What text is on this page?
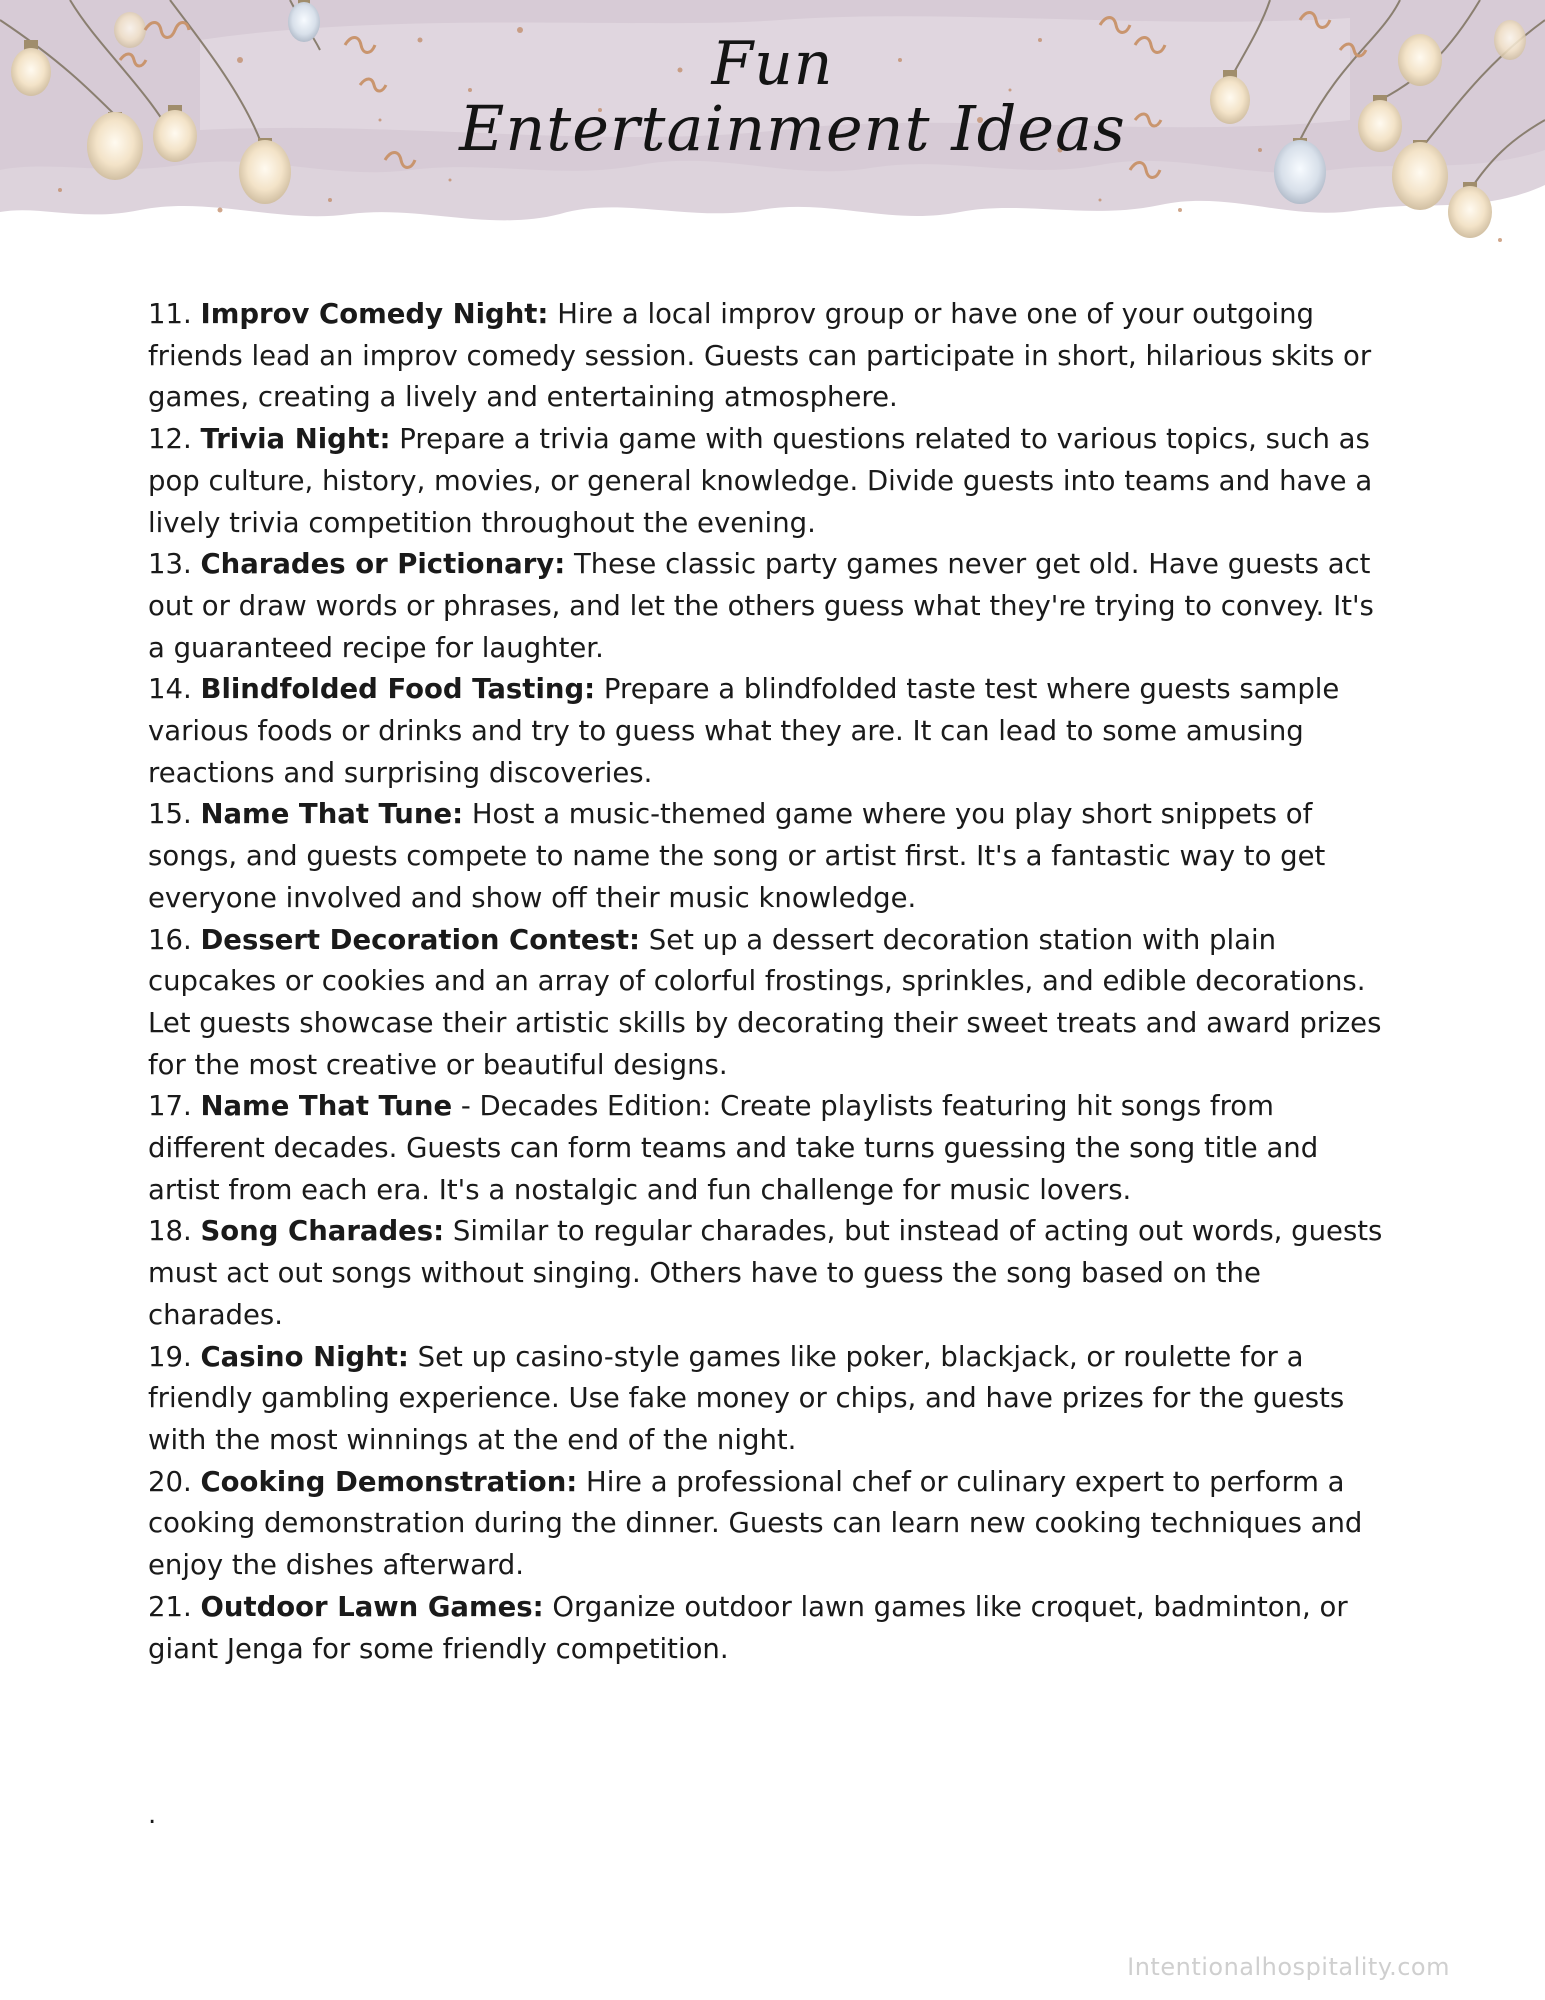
Fun
Entertainment Ideas

11. Improv Comedy Night: Hire a local improv group or have one of your outgoing friends lead an improv comedy session. Guests can participate in short, hilarious skits or games, creating a lively and entertaining atmosphere.

12. Trivia Night: Prepare a trivia game with questions related to various topics, such as pop culture, history, movies, or general knowledge. Divide guests into teams and have a lively trivia competition throughout the evening.

13. Charades or Pictionary: These classic party games never get old. Have guests act out or draw words or phrases, and let the others guess what they're trying to convey. It's a guaranteed recipe for laughter.

14. Blindfolded Food Tasting: Prepare a blindfolded taste test where guests sample various foods or drinks and try to guess what they are. It can lead to some amusing reactions and surprising discoveries.

15. Name That Tune: Host a music-themed game where you play short snippets of songs, and guests compete to name the song or artist first. It's a fantastic way to get everyone involved and show off their music knowledge.

16. Dessert Decoration Contest: Set up a dessert decoration station with plain cupcakes or cookies and an array of colorful frostings, sprinkles, and edible decorations. Let guests showcase their artistic skills by decorating their sweet treats and award prizes for the most creative or beautiful designs.

17. Name That Tune - Decades Edition: Create playlists featuring hit songs from different decades. Guests can form teams and take turns guessing the song title and artist from each era. It's a nostalgic and fun challenge for music lovers.

18. Song Charades: Similar to regular charades, but instead of acting out words, guests must act out songs without singing. Others have to guess the song based on the charades.

19. Casino Night: Set up casino-style games like poker, blackjack, or roulette for a friendly gambling experience. Use fake money or chips, and have prizes for the guests with the most winnings at the end of the night.

20. Cooking Demonstration: Hire a professional chef or culinary expert to perform a cooking demonstration during the dinner. Guests can learn new cooking techniques and enjoy the dishes afterward.

21. Outdoor Lawn Games: Organize outdoor lawn games like croquet, badminton, or giant Jenga for some friendly competition.

.
Intentionalhospitality.com
